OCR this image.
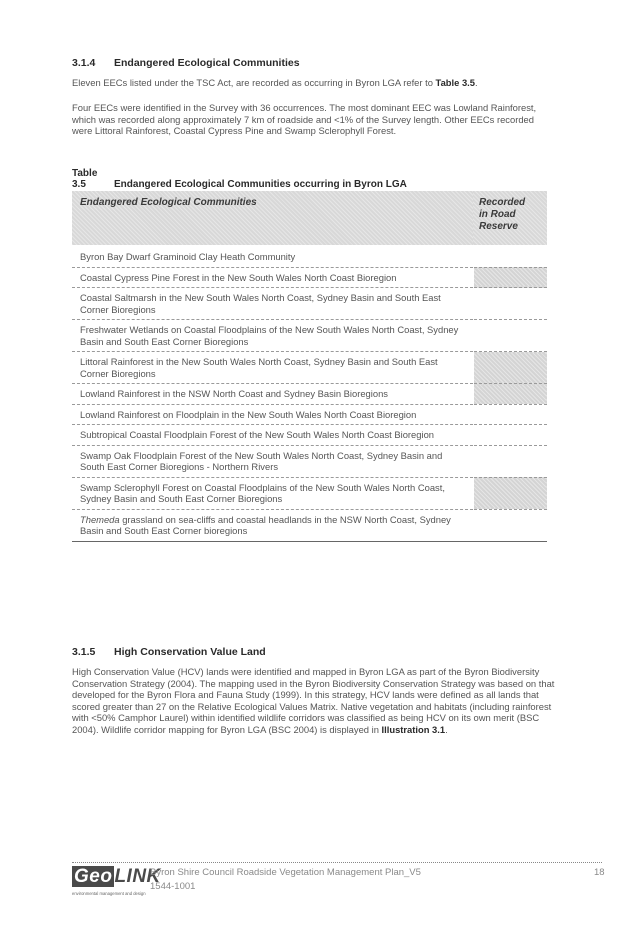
3.1.4 Endangered Ecological Communities
Eleven EECs listed under the TSC Act, are recorded as occurring in Byron LGA refer to Table 3.5.
Four EECs were identified in the Survey with 36 occurrences. The most dominant EEC was Lowland Rainforest, which was recorded along approximately 7 km of roadside and <1% of the Survey length. Other EECs recorded were Littoral Rainforest, Coastal Cypress Pine and Swamp Sclerophyll Forest.
Table 3.5	Endangered Ecological Communities occurring in Byron LGA
Endangered Ecological Communities	Recorded
in Road
Reserve

Byron Bay Dwarf Graminoid Clay Heath Community	
Coastal Cypress Pine Forest in the New South Wales North Coast Bioregion	
Coastal Saltmarsh in the New South Wales North Coast, Sydney Basin and South East Corner Bioregions	
Freshwater Wetlands on Coastal Floodplains of the New South Wales North Coast, Sydney Basin and South East Corner Bioregions	
Littoral Rainforest in the New South Wales North Coast, Sydney Basin and South East Corner Bioregions	
Lowland Rainforest in the NSW North Coast and Sydney Basin Bioregions	
Lowland Rainforest on Floodplain in the New South Wales North Coast Bioregion	
Subtropical Coastal Floodplain Forest of the New South Wales North Coast Bioregion	
Swamp Oak Floodplain Forest of the New South Wales North Coast, Sydney Basin and South East Corner Bioregions - Northern Rivers	
Swamp Sclerophyll Forest on Coastal Floodplains of the New South Wales North Coast, Sydney Basin and South East Corner Bioregions	
Themeda grassland on sea-cliffs and coastal headlands in the NSW North Coast, Sydney Basin and South East Corner bioregions	
3.1.5 High Conservation Value Land
High Conservation Value (HCV) lands were identified and mapped in Byron LGA as part of the Byron Biodiversity Conservation Strategy (2004). The mapping used in the Byron Biodiversity Conservation Strategy was based on that developed for the Byron Flora and Fauna Study (1999). In this strategy, HCV lands were defined as all lands that scored greater than 27 on the Relative Ecological Values Matrix. Native vegetation and habitats (including rainforest with <50% Camphor Laurel) within identified wildlife corridors was classified as being HCV on its own merit (BSC 2004). Wildlife corridor mapping for Byron LGA (BSC 2004) is displayed in Illustration 3.1.
Geo LINK
environmental management and design
Byron Shire Council Roadside Vegetation Management Plan_V5
1544-1001
18
